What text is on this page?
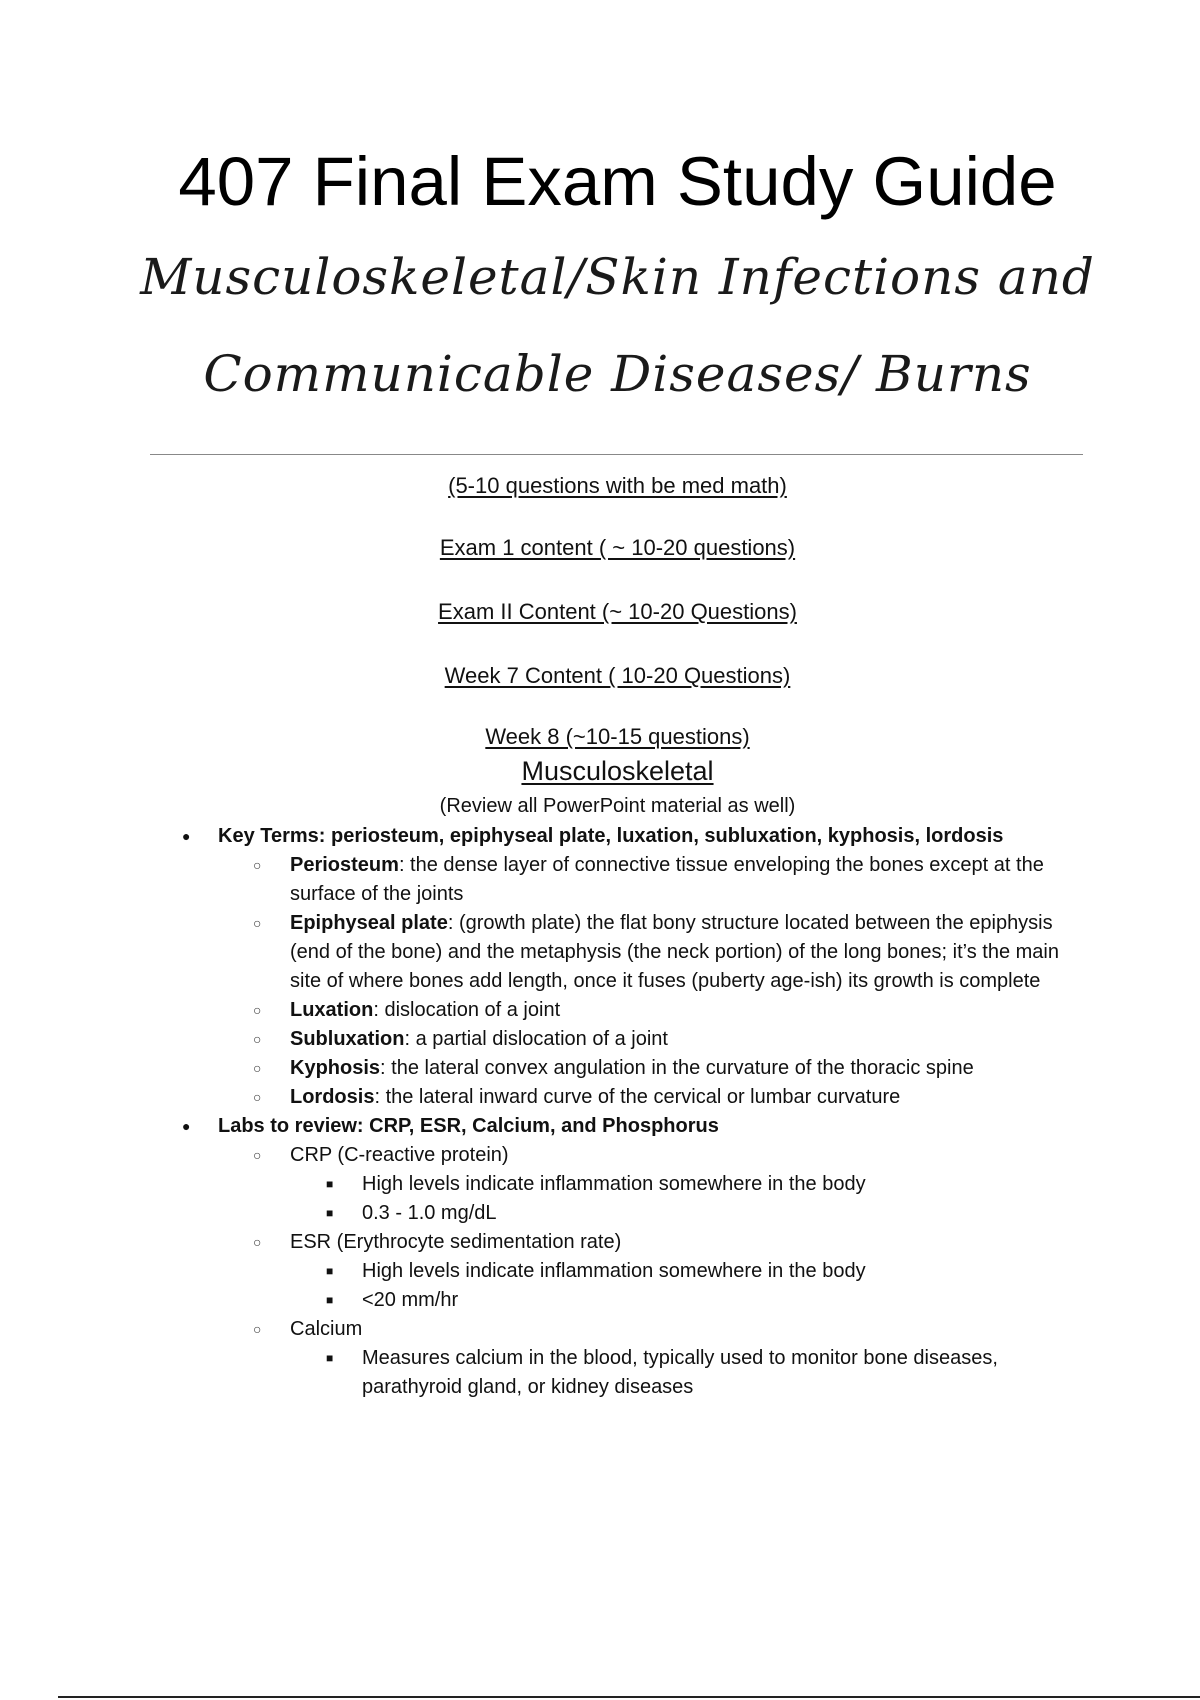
407 Final Exam Study Guide
Musculoskeletal/Skin Infections and
Communicable Diseases/ Burns
(5-10 questions with be med math)
Exam 1 content ( ~ 10-20 questions)
Exam II Content (~ 10-20 Questions)
Week 7 Content ( 10-20 Questions)
Week 8 (~10-15 questions)
Musculoskeletal
(Review all PowerPoint material as well)
● Key Terms: periosteum, epiphyseal plate, luxation, subluxation, kyphosis, lordosis
○ Periosteum: the dense layer of connective tissue enveloping the bones except at the surface of the joints
○ Epiphyseal plate: (growth plate) the flat bony structure located between the epiphysis (end of the bone) and the metaphysis (the neck portion) of the long bones; it’s the main site of where bones add length, once it fuses (puberty age-ish) its growth is complete
○ Luxation: dislocation of a joint
○ Subluxation: a partial dislocation of a joint
○ Kyphosis: the lateral convex angulation in the curvature of the thoracic spine
○ Lordosis: the lateral inward curve of the cervical or lumbar curvature
● Labs to review: CRP, ESR, Calcium, and Phosphorus
○ CRP (C-reactive protein)
■ High levels indicate inflammation somewhere in the body
■ 0.3 - 1.0 mg/dL
○ ESR (Erythrocyte sedimentation rate)
■ High levels indicate inflammation somewhere in the body
■ <20 mm/hr
○ Calcium
■ Measures calcium in the blood, typically used to monitor bone diseases, parathyroid gland, or kidney diseases
